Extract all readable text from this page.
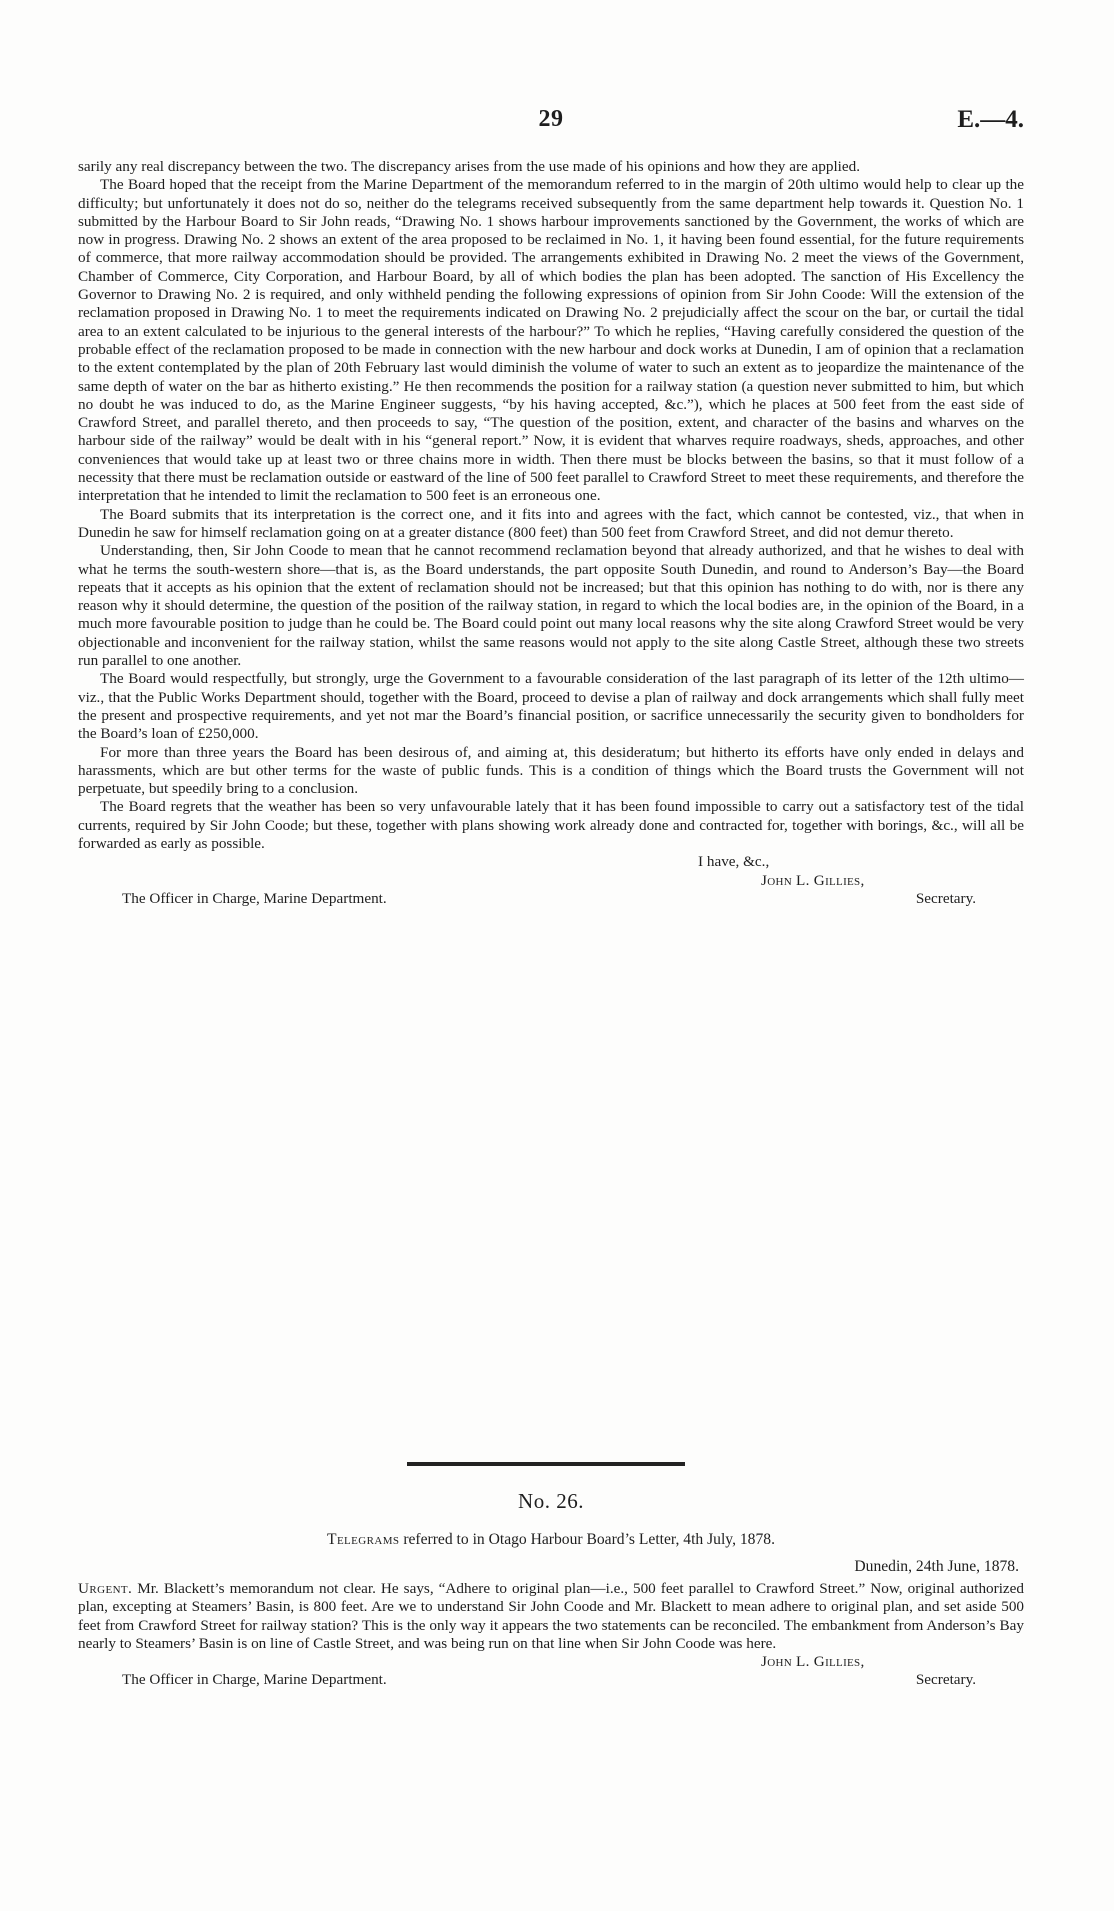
29	E.—4.

sarily any real discrepancy between the two. The discrepancy arises from the use made of his opinions and how they are applied.

The Board hoped that the receipt from the Marine Department of the memorandum referred to in the margin of 20th ultimo would help to clear up the difficulty; but unfortunately it does not do so, neither do the telegrams received subsequently from the same department help towards it. Question No. 1 submitted by the Harbour Board to Sir John reads, “Drawing No. 1 shows harbour improvements sanctioned by the Government, the works of which are now in progress. Drawing No. 2 shows an extent of the area proposed to be reclaimed in No. 1, it having been found essential, for the future requirements of commerce, that more railway accommodation should be provided. The arrangements exhibited in Drawing No. 2 meet the views of the Government, Chamber of Commerce, City Corporation, and Harbour Board, by all of which bodies the plan has been adopted. The sanction of His Excellency the Governor to Drawing No. 2 is required, and only withheld pending the following expressions of opinion from Sir John Coode: Will the extension of the reclamation proposed in Drawing No. 1 to meet the requirements indicated on Drawing No. 2 prejudicially affect the scour on the bar, or curtail the tidal area to an extent calculated to be injurious to the general interests of the harbour?” To which he replies, “Having carefully considered the question of the probable effect of the reclamation proposed to be made in connection with the new harbour and dock works at Dunedin, I am of opinion that a reclamation to the extent contemplated by the plan of 20th February last would diminish the volume of water to such an extent as to jeopardize the maintenance of the same depth of water on the bar as hitherto existing.” He then recommends the position for a railway station (a question never submitted to him, but which no doubt he was induced to do, as the Marine Engineer suggests, “by his having accepted, &c.”), which he places at 500 feet from the east side of Crawford Street, and parallel thereto, and then proceeds to say, “The question of the position, extent, and character of the basins and wharves on the harbour side of the railway” would be dealt with in his “general report.” Now, it is evident that wharves require roadways, sheds, approaches, and other conveniences that would take up at least two or three chains more in width. Then there must be blocks between the basins, so that it must follow of a necessity that there must be reclamation outside or eastward of the line of 500 feet parallel to Crawford Street to meet these requirements, and therefore the interpretation that he intended to limit the reclamation to 500 feet is an erroneous one.

The Board submits that its interpretation is the correct one, and it fits into and agrees with the fact, which cannot be contested, viz., that when in Dunedin he saw for himself reclamation going on at a greater distance (800 feet) than 500 feet from Crawford Street, and did not demur thereto.

Understanding, then, Sir John Coode to mean that he cannot recommend reclamation beyond that already authorized, and that he wishes to deal with what he terms the south-western shore—that is, as the Board understands, the part opposite South Dunedin, and round to Anderson’s Bay—the Board repeats that it accepts as his opinion that the extent of reclamation should not be increased; but that this opinion has nothing to do with, nor is there any reason why it should determine, the question of the position of the railway station, in regard to which the local bodies are, in the opinion of the Board, in a much more favourable position to judge than he could be. The Board could point out many local reasons why the site along Crawford Street would be very objectionable and inconvenient for the railway station, whilst the same reasons would not apply to the site along Castle Street, although these two streets run parallel to one another.

The Board would respectfully, but strongly, urge the Government to a favourable consideration of the last paragraph of its letter of the 12th ultimo—viz., that the Public Works Department should, together with the Board, proceed to devise a plan of railway and dock arrangements which shall fully meet the present and prospective requirements, and yet not mar the Board’s financial position, or sacrifice unnecessarily the security given to bondholders for the Board’s loan of £250,000.

For more than three years the Board has been desirous of, and aiming at, this desideratum; but hitherto its efforts have only ended in delays and harassments, which are but other terms for the waste of public funds. This is a condition of things which the Board trusts the Government will not perpetuate, but speedily bring to a conclusion.

The Board regrets that the weather has been so very unfavourable lately that it has been found impossible to carry out a satisfactory test of the tidal currents, required by Sir John Coode; but these, together with plans showing work already done and contracted for, together with borings, &c., will all be forwarded as early as possible.

I have, &c.,
John L. Gillies,
The Officer in Charge, Marine Department.	Secretary.
No. 26.
Telegrams referred to in Otago Harbour Board’s Letter, 4th July, 1878.
Dunedin, 24th June, 1878.

Urgent. Mr. Blackett’s memorandum not clear. He says, “Adhere to original plan—i.e., 500 feet parallel to Crawford Street.” Now, original authorized plan, excepting at Steamers’ Basin, is 800 feet. Are we to understand Sir John Coode and Mr. Blackett to mean adhere to original plan, and set aside 500 feet from Crawford Street for railway station? This is the only way it appears the two statements can be reconciled. The embankment from Anderson’s Bay nearly to Steamers’ Basin is on line of Castle Street, and was being run on that line when Sir John Coode was here.

John L. Gillies,
The Officer in Charge, Marine Department.	Secretary.
